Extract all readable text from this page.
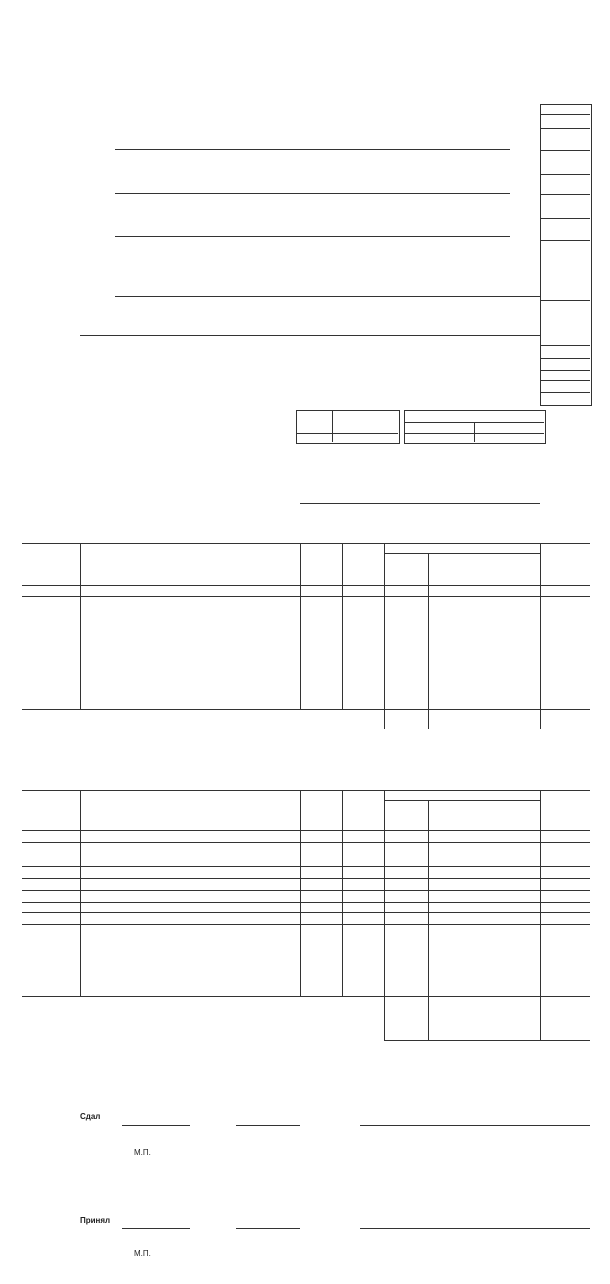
Сдал
М.П.
Принял
М.П.
